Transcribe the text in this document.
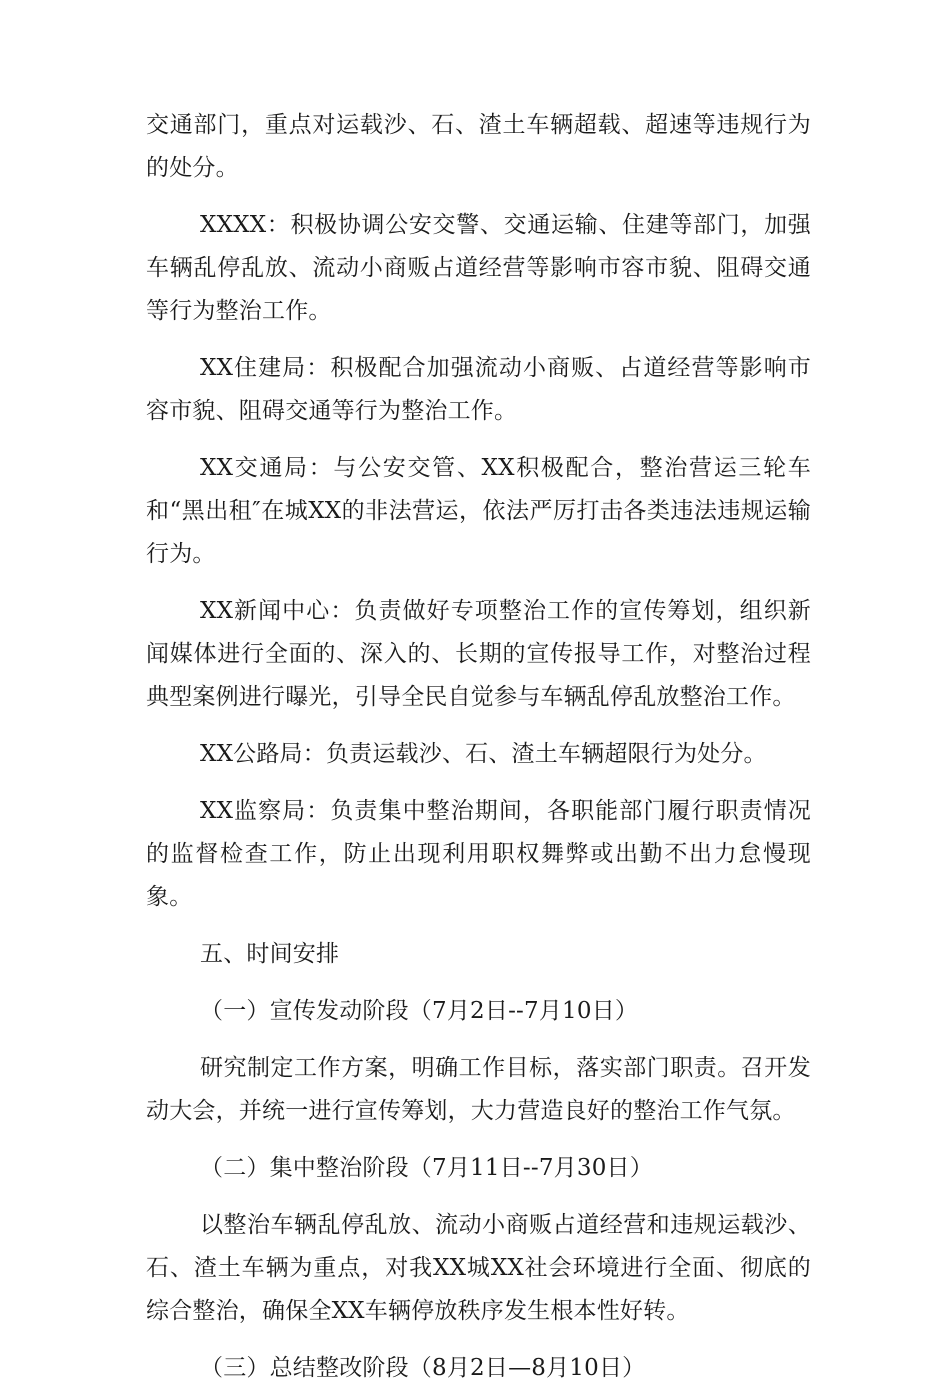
交通部门，重点对运载沙、石、渣土车辆超载、超速等违规行为的处分。

XXXX：积极协调公安交警、交通运输、住建等部门，加强车辆乱停乱放、流动小商贩占道经营等影响市容市貌、阻碍交通等行为整治工作。

XX住建局：积极配合加强流动小商贩、占道经营等影响市容市貌、阻碍交通等行为整治工作。

XX交通局：与公安交管、XX积极配合，整治营运三轮车和“黑出租″在城XX的非法营运，依法严厉打击各类违法违规运输行为。

XX新闻中心：负责做好专项整治工作的宣传筹划，组织新闻媒体进行全面的、深入的、长期的宣传报导工作，对整治过程典型案例进行曝光，引导全民自觉参与车辆乱停乱放整治工作。

XX公路局：负责运载沙、石、渣土车辆超限行为处分。

XX监察局：负责集中整治期间，各职能部门履行职责情况的监督检查工作，防止出现利用职权舞弊或出勤不出力怠慢现象。

五、时间安排

（一）宣传发动阶段（7月2日--7月10日）

研究制定工作方案，明确工作目标，落实部门职责。召开发动大会，并统一进行宣传筹划，大力营造良好的整治工作气氛。

（二）集中整治阶段（7月11日--7月30日）

以整治车辆乱停乱放、流动小商贩占道经营和违规运载沙、石、渣土车辆为重点，对我XX城XX社会环境进行全面、彻底的综合整治，确保全XX车辆停放秩序发生根本性好转。

（三）总结整改阶段（8月2日—8月10日）
